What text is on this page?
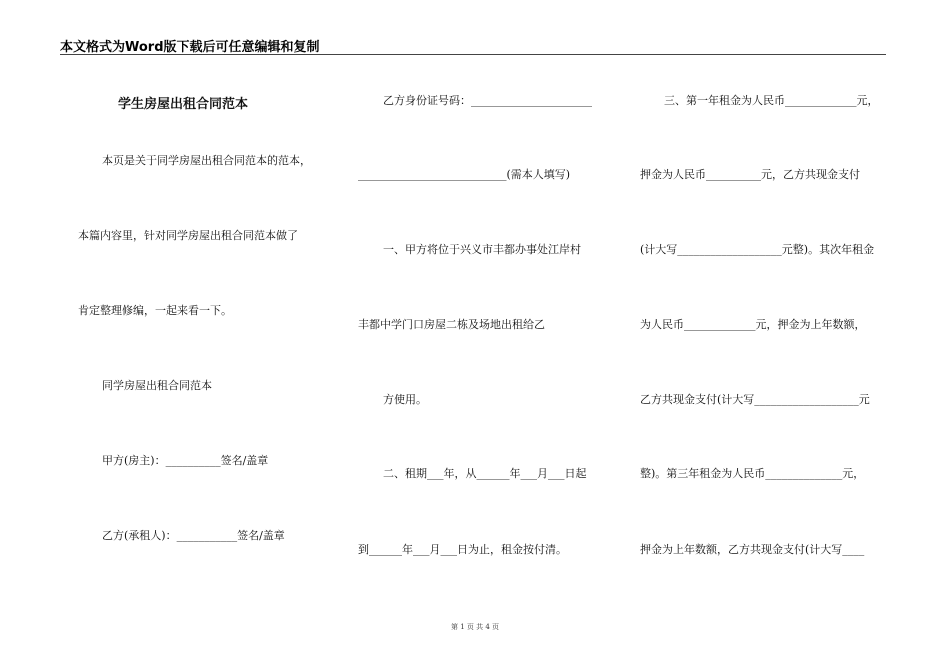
本文格式为Word版下载后可任意编辑和复制
学生房屋出租合同范本
本页是关于同学房屋出租合同范本的范本，
本篇内容里，针对同学房屋出租合同范本做了
肯定整理修编，一起来看一下。
同学房屋出租合同范本
甲方(房主)：__________签名/盖章
乙方(承租人)：___________签名/盖章
乙方身份证号码：______________________
___________________________(需本人填写)
一、甲方将位于兴义市丰都办事处江岸村
丰都中学门口房屋二栋及场地出租给乙
方使用。
二、租期___年，从______年___月___日起
到______年___月___日为止，租金按付清。
三、第一年租金为人民币_____________元，
押金为人民币__________元，乙方共现金支付
(计大写___________________元整)。其次年租金
为人民币_____________元，押金为上年数额，
乙方共现金支付(计大写___________________元
整)。第三年租金为人民币______________元，
押金为上年数额，乙方共现金支付(计大写____
第 1 页 共 4 页
